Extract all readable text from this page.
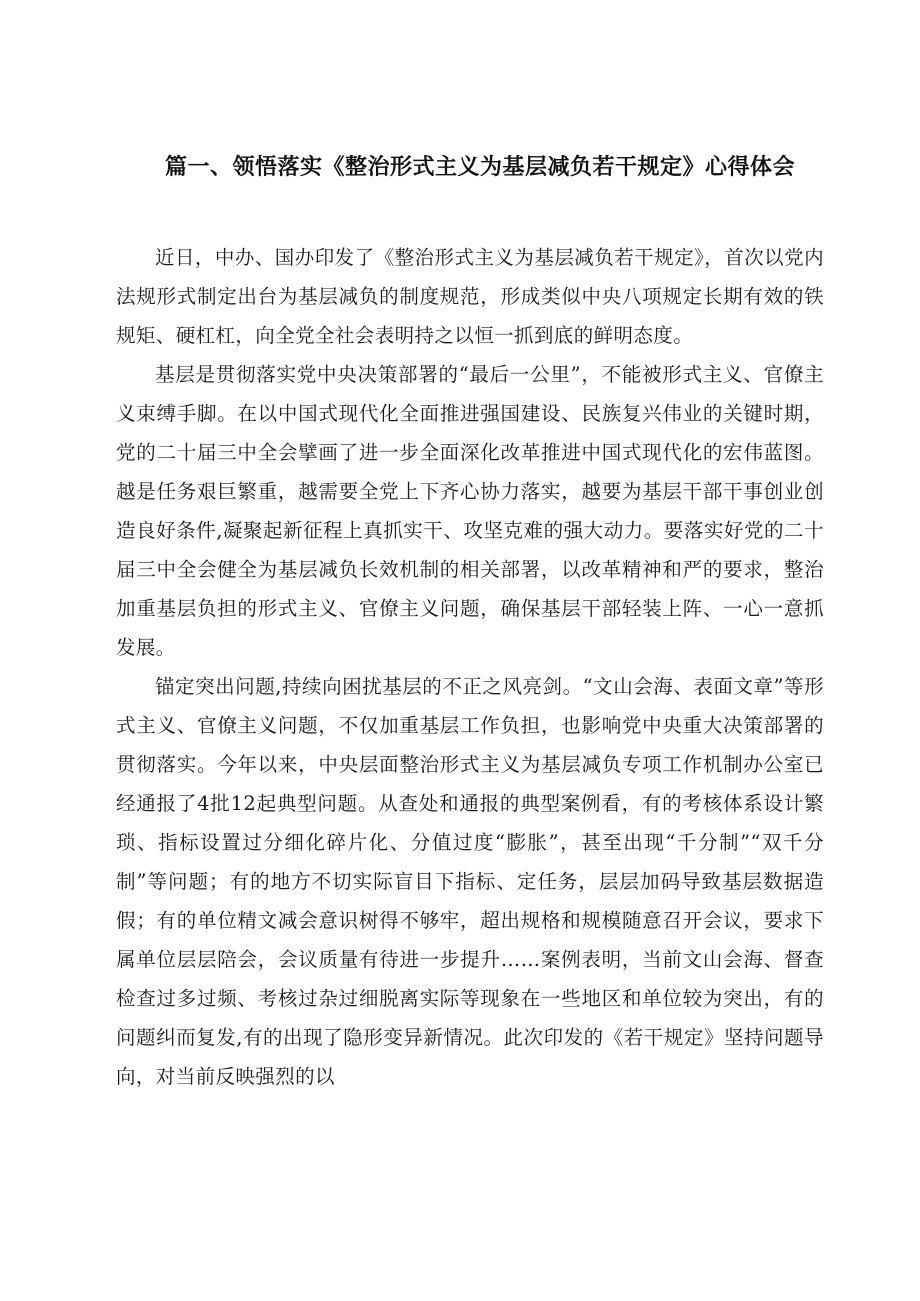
篇一、领悟落实《整治形式主义为基层减负若干规定》心得体会

近日，中办、国办印发了《整治形式主义为基层减负若干规定》，首次以党内法规形式制定出台为基层减负的制度规范，形成类似中央八项规定长期有效的铁规矩、硬杠杠，向全党全社会表明持之以恒一抓到底的鲜明态度。

基层是贯彻落实党中央决策部署的“最后一公里”，不能被形式主义、官僚主义束缚手脚。在以中国式现代化全面推进强国建设、民族复兴伟业的关键时期，党的二十届三中全会擘画了进一步全面深化改革推进中国式现代化的宏伟蓝图。越是任务艰巨繁重，越需要全党上下齐心协力落实，越要为基层干部干事创业创造良好条件,凝聚起新征程上真抓实干、攻坚克难的强大动力。要落实好党的二十届三中全会健全为基层减负长效机制的相关部署，以改革精神和严的要求，整治加重基层负担的形式主义、官僚主义问题，确保基层干部轻装上阵、一心一意抓发展。

锚定突出问题,持续向困扰基层的不正之风亮剑。“文山会海、表面文章”等形式主义、官僚主义问题，不仅加重基层工作负担，也影响党中央重大决策部署的贯彻落实。今年以来，中央层面整治形式主义为基层减负专项工作机制办公室已经通报了4批12起典型问题。从查处和通报的典型案例看，有的考核体系设计繁琐、指标设置过分细化碎片化、分值过度“膨胀”，甚至出现“千分制”“双千分制”等问题；有的地方不切实际盲目下指标、定任务，层层加码导致基层数据造假；有的单位精文减会意识树得不够牢，超出规格和规模随意召开会议，要求下属单位层层陪会，会议质量有待进一步提升……案例表明，当前文山会海、督查检查过多过频、考核过杂过细脱离实际等现象在一些地区和单位较为突出，有的问题纠而复发,有的出现了隐形变异新情况。此次印发的《若干规定》坚持问题导向，对当前反映强烈的以
